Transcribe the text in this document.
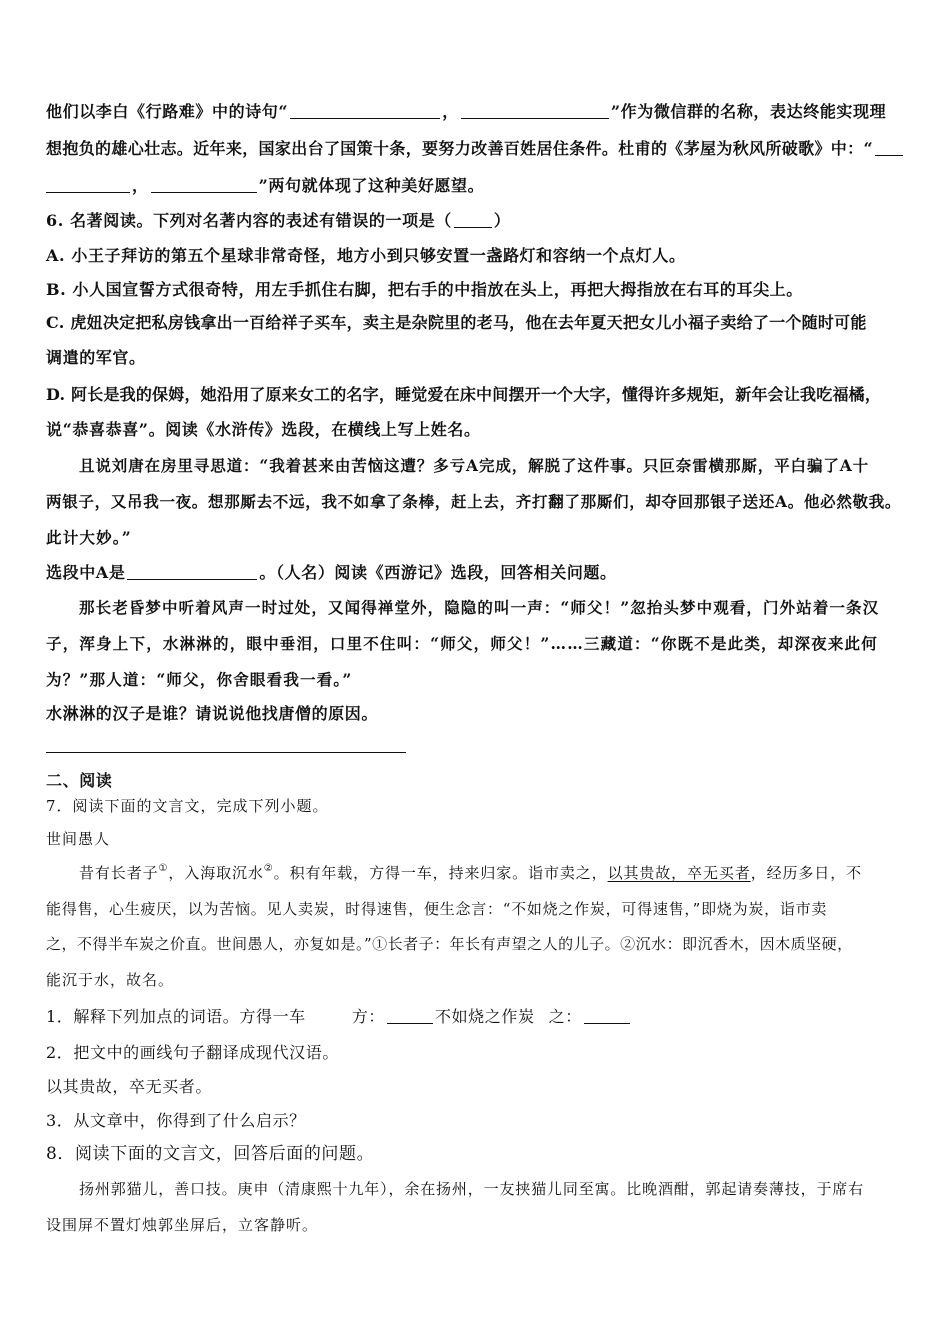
他们以李白《行路难》中的诗句“	，	”作为微信群的名称，表达终能实现理
想抱负的雄心壮志。近年来，国家出台了国策十条，要努力改善百姓居住条件。杜甫的《茅屋为秋风所破歌》中：“
，	”两句就体现了这种美好愿望。
6. 名著阅读。下列对名著内容的表述有错误的一项是（	）
A. 小王子拜访的第五个星球非常奇怪，地方小到只够安置一盏路灯和容纳一个点灯人。
B. 小人国宣誓方式很奇特，用左手抓住右脚，把右手的中指放在头上，再把大拇指放在右耳的耳尖上。
C. 虎妞决定把私房钱拿出一百给祥子买车，卖主是杂院里的老马，他在去年夏天把女儿小福子卖给了一个随时可能
调遣的军官。
D. 阿长是我的保姆，她沿用了原来女工的名字，睡觉爱在床中间摆开一个大字，懂得许多规矩，新年会让我吃福橘，
说“恭喜恭喜”。阅读《水浒传》选段，在横线上写上姓名。
且说刘唐在房里寻思道：“我着甚来由苦恼这遭？多亏A完成，解脱了这件事。只叵奈雷横那厮，平白骗了A十
两银子，又吊我一夜。想那厮去不远，我不如拿了条棒，赶上去，齐打翻了那厮们，却夺回那银子送还A。他必然敬我。
此计大妙。”
选段中A是	。（人名）阅读《西游记》选段，回答相关问题。
那长老昏梦中听着风声一时过处，又闻得禅堂外，隐隐的叫一声：“师父！”忽抬头梦中观看，门外站着一条汉
子，浑身上下，水淋淋的，眼中垂泪，口里不住叫：“师父，师父！”……三藏道：“你既不是此类，却深夜来此何
为？”那人道：“师父，你舍眼看我一看。”
水淋淋的汉子是谁？请说说他找唐僧的原因。
二、阅读
7．阅读下面的文言文，完成下列小题。
世间愚人
昔有长者子①，入海取沉水②。积有年载，方得一车，持来归家。诣市卖之，以其贵故，卒无买者，经历多日，不
能得售，心生疲厌，以为苦恼。见人卖炭，时得速售，便生念言：“不如烧之作炭，可得速售，”即烧为炭，诣市卖
之，不得半车炭之价直。世间愚人，亦复如是。”①长者子：年长有声望之人的儿子。②沉水：即沉香木，因木质坚硬，
能沉于水，故名。
1．解释下列加点的词语。方得一车	方：	不如烧之作炭 之：
2．把文中的画线句子翻译成现代汉语。
以其贵故，卒无买者。
3．从文章中，你得到了什么启示？
8．阅读下面的文言文，回答后面的问题。
扬州郭猫儿，善口技。庚申（清康熙十九年），余在扬州，一友挟猫儿同至寓。比晚酒酣，郭起请奏薄技，于席右
设围屏不置灯烛郭坐屏后，立客静听。
